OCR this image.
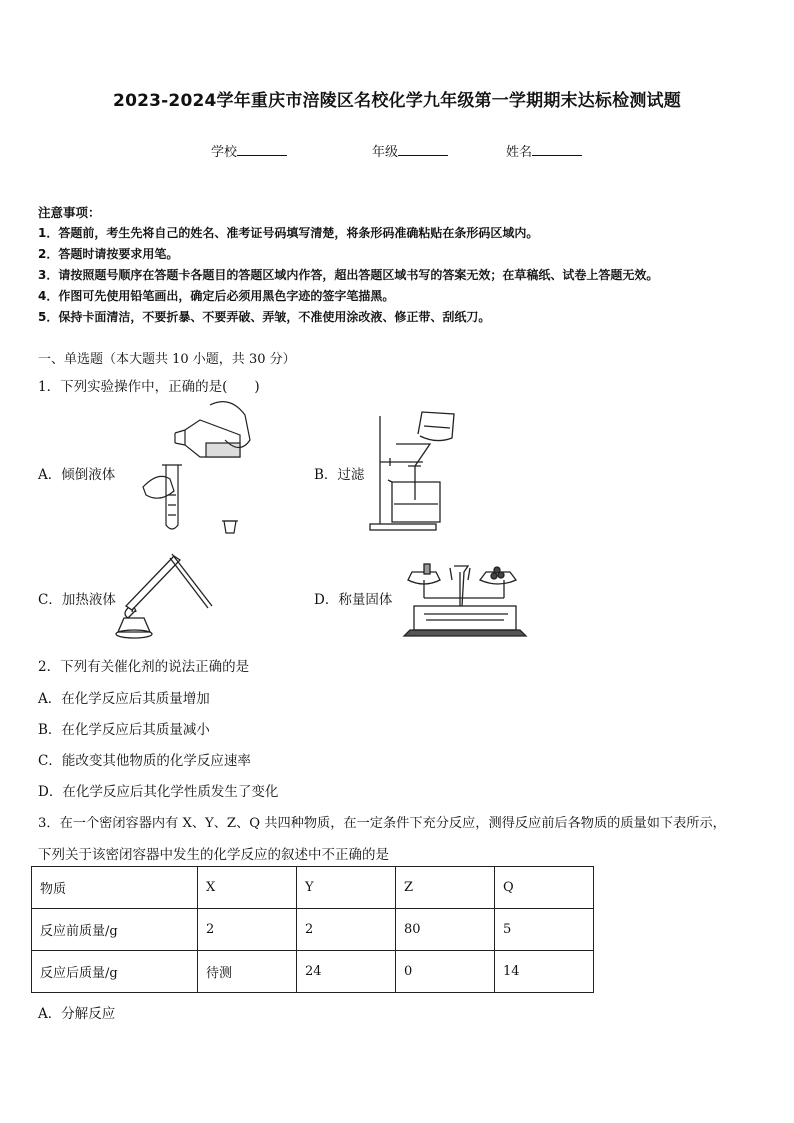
2023-2024学年重庆市涪陵区名校化学九年级第一学期期末达标检测试题
学校	年级	姓名
注意事项：
1．答题前，考生先将自己的姓名、准考证号码填写清楚，将条形码准确粘贴在条形码区域内。
2．答题时请按要求用笔。
3．请按照题号顺序在答题卡各题目的答题区域内作答，超出答题区域书写的答案无效；在草稿纸、试卷上答题无效。
4．作图可先使用铅笔画出，确定后必须用黑色字迹的签字笔描黑。
5．保持卡面清洁，不要折暴、不要弄破、弄皱，不准使用涂改液、修正带、刮纸刀。
一、单选题（本大题共 10 小题，共 30 分）
1．下列实验操作中，正确的是(　　)
A．倾倒液体	B．过滤
C．加热液体	D．称量固体
2．下列有关催化剂的说法正确的是
A．在化学反应后其质量增加
B．在化学反应后其质量减小
C．能改变其他物质的化学反应速率
D．在化学反应后其化学性质发生了变化
3．在一个密闭容器内有 X、Y、Z、Q 共四种物质，在一定条件下充分反应，测得反应前后各物质的质量如下表所示，
下列关于该密闭容器中发生的化学反应的叙述中不正确的是
物质	X	Y	Z	Q
反应前质量/g	2	2	80	5
反应后质量/g	待测	24	0	14
A．分解反应
